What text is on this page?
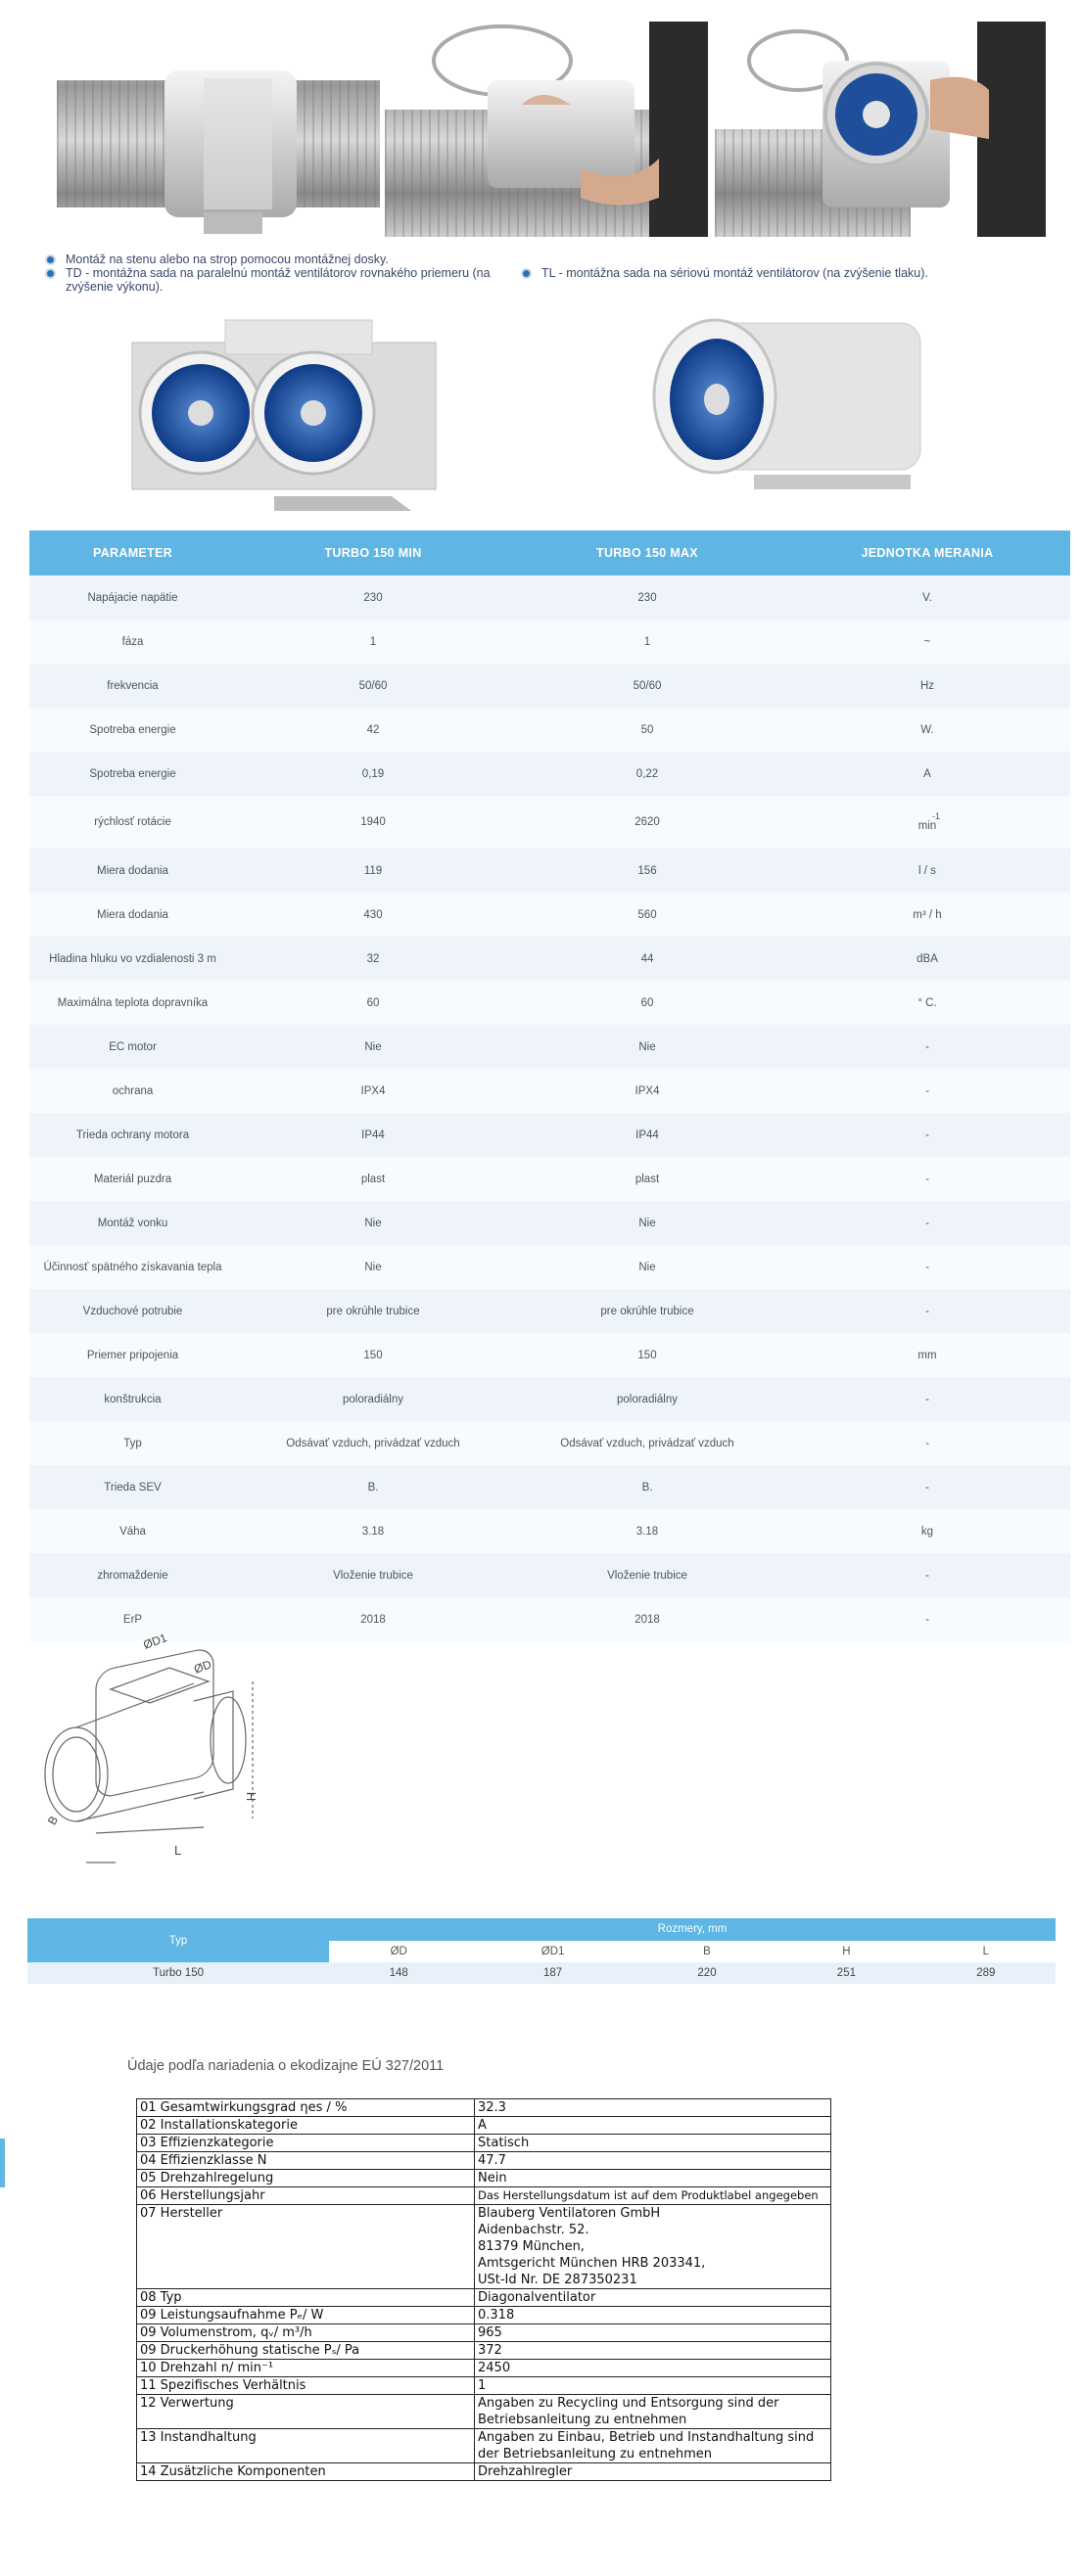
Montáž na stenu alebo na strop pomocou montážnej dosky.
TD - montážna sada na paralelnú montáž ventilátorov rovnakého priemeru (na zvýšenie výkonu).
TL - montážna sada na sériovú montáž ventilátorov (na zvýšenie tlaku).
PARAMETER	TURBO 150 MIN	TURBO 150 MAX	JEDNOTKA MERANIA
Napájacie napätie	230	230	V.
fáza	1	1	~
frekvencia	50/60	50/60	Hz
Spotreba energie	42	50	W.
Spotreba energie	0,19	0,22	A
rýchlosť rotácie	1940	2620	-1
min
Miera dodania	119	156	l / s
Miera dodania	430	560	m³ / h
Hladina hluku vo vzdialenosti 3 m	32	44	dBA
Maximálna teplota dopravníka	60	60	° C.
EC motor	Nie	Nie	-
ochrana	IPX4	IPX4	-
Trieda ochrany motora	IP44	IP44	-
Materiál puzdra	plast	plast	-
Montáž vonku	Nie	Nie	-
Účinnosť spätného získavania tepla	Nie	Nie	-
Vzduchové potrubie	pre okrúhle trubice	pre okrúhle trubice	-
Priemer pripojenia	150	150	mm
konštrukcia	poloradiálny	poloradiálny	-
Typ	Odsávať vzduch, privádzať vzduch	Odsávať vzduch, privádzať vzduch	-
Trieda SEV	B.	B.	-
Váha	3.18	3.18	kg
zhromaždenie	Vloženie trubice	Vloženie trubice	-
ErP	2018	2018	-
ØD1
ØD
B
H
L
Typ	Rozmery, mm				
	ØD	ØD1	B	H	L
Turbo 150	148	187	220	251	289
Údaje podľa nariadenia o ekodizajne EÚ 327/2011
01 Gesamtwirkungsgrad ηes / %	32.3

02 Installationskategorie	A

03 Effizienzkategorie	Statisch

04 Effizienzklasse N	47.7

05 Drehzahlregelung	Nein

06 Herstellungsjahr	Das Herstellungsdatum ist auf dem Produktlabel angegeben

07 Hersteller	Blauberg Ventilatoren GmbH
Aidenbachstr. 52.
81379 München,
Amtsgericht München HRB 203341,
USt-Id Nr. DE 287350231

08 Typ	Diagonalventilator

09 Leistungsaufnahme Pₑ/ W	0.318

09 Volumenstrom, qᵥ/ m³/h	965

09 Druckerhöhung statische Pₛ/ Pa	372

10 Drehzahl n/ min⁻¹	2450

11 Spezifisches Verhältnis	1

12 Verwertung	Angaben zu Recycling und Entsorgung sind der Betriebsanleitung zu entnehmen

13 Instandhaltung	Angaben zu Einbau, Betrieb und Instandhaltung sind der Betriebsanleitung zu entnehmen

14 Zusätzliche Komponenten	Drehzahlregler
